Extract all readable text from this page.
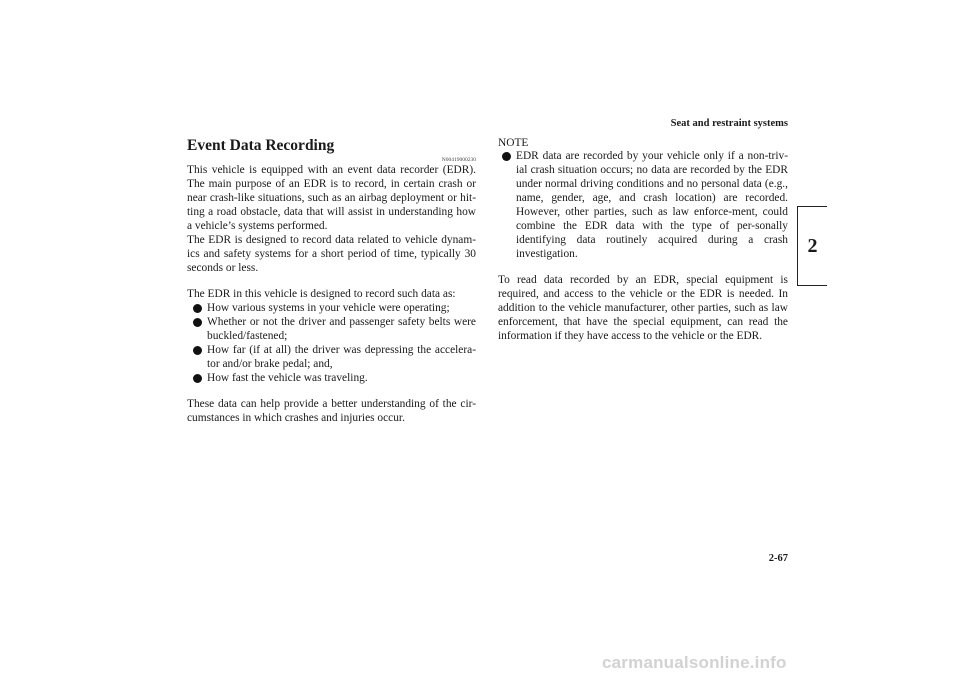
Seat and restraint systems
2
Event Data Recording
N00419000230

This vehicle is equipped with an event data recorder (EDR). The main purpose of an EDR is to record, in certain crash or near crash-like situations, such as an airbag deployment or hit-ting a road obstacle, data that will assist in understanding how a vehicle’s systems performed.

The EDR is designed to record data related to vehicle dynam-ics and safety systems for a short period of time, typically 30 seconds or less.

The EDR in this vehicle is designed to record such data as:

How various systems in your vehicle were operating;
Whether or not the driver and passenger safety belts were buckled/fastened;
How far (if at all) the driver was depressing the accelera-tor and/or brake pedal; and,
How fast the vehicle was traveling.

These data can help provide a better understanding of the cir-cumstances in which crashes and injuries occur.

NOTE
EDR data are recorded by your vehicle only if a non-triv-ial crash situation occurs; no data are recorded by the EDR under normal driving conditions and no personal data (e.g., name, gender, age, and crash location) are recorded. However, other parties, such as law enforce-ment, could combine the EDR data with the type of per-sonally identifying data routinely acquired during a crash investigation.

To read data recorded by an EDR, special equipment is required, and access to the vehicle or the EDR is needed. In addition to the vehicle manufacturer, other parties, such as law enforcement, that have the special equipment, can read the information if they have access to the vehicle or the EDR.

2-67
carmanualsonline.info
